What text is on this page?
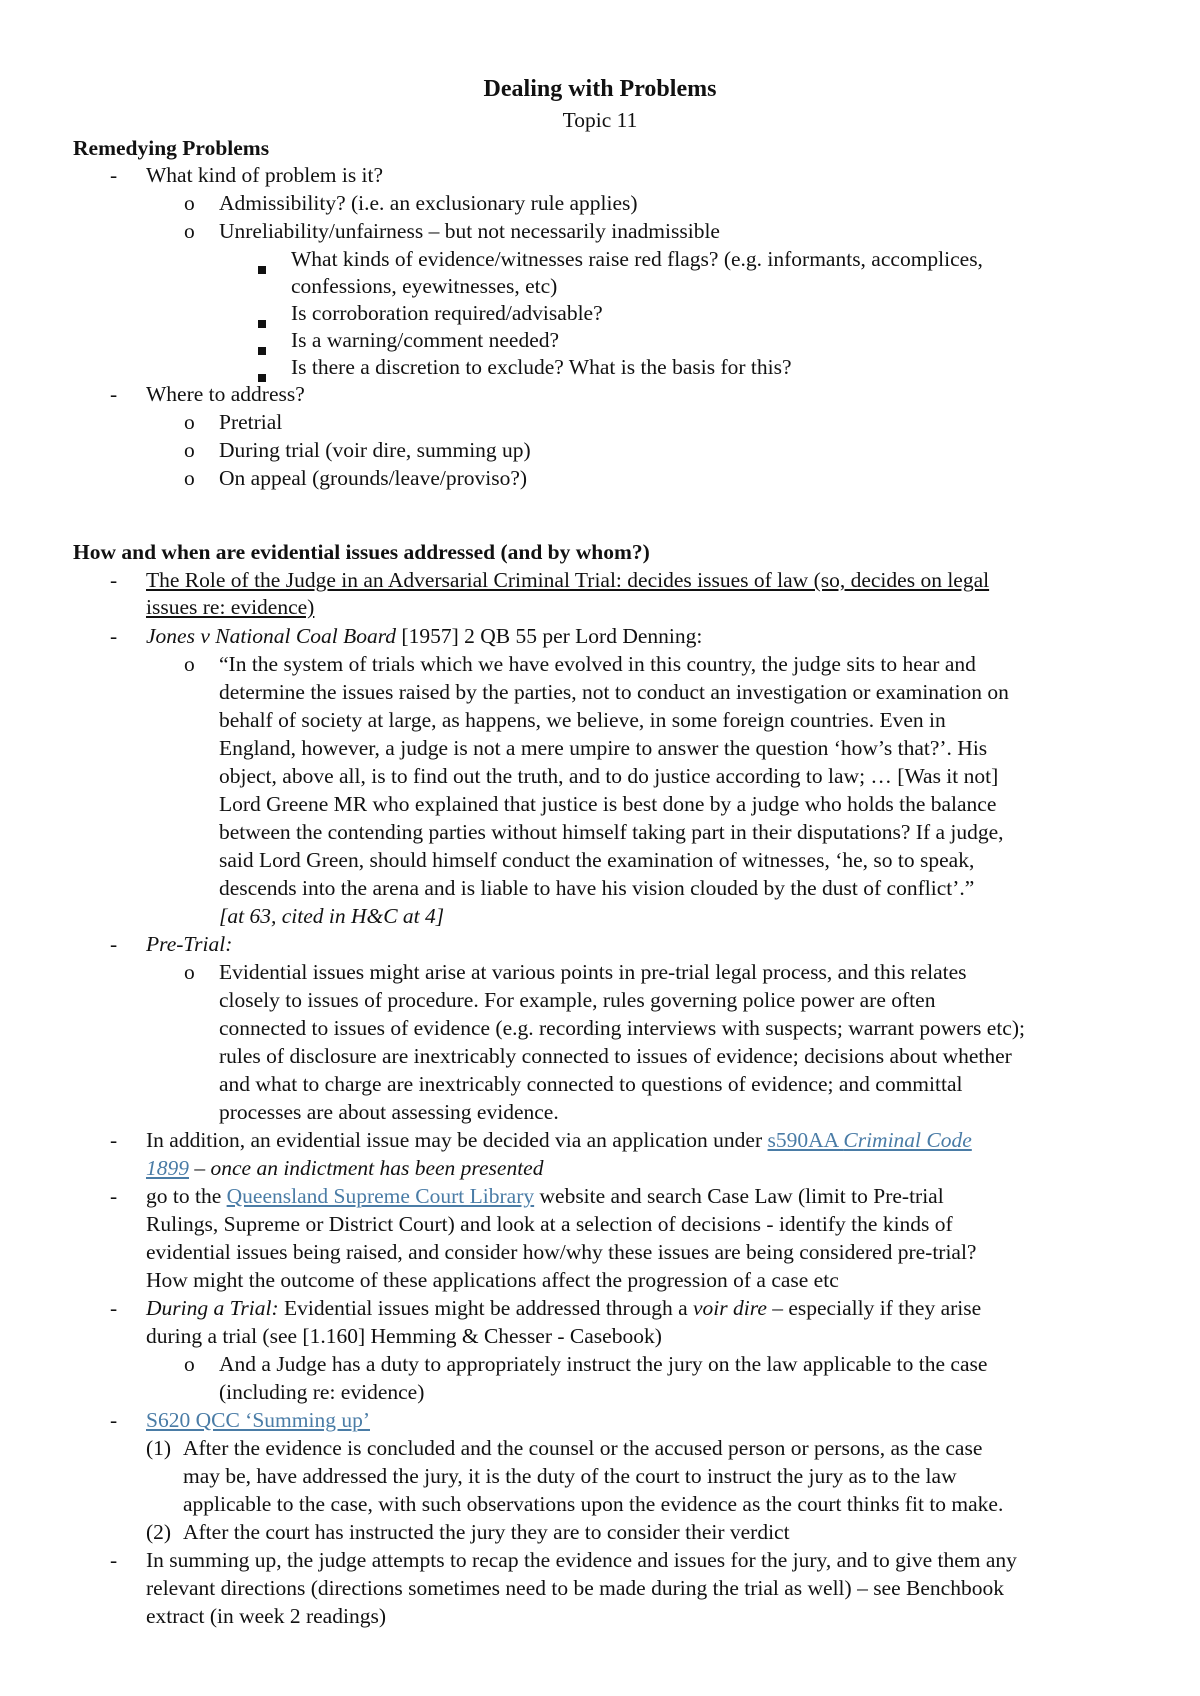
Dealing with Problems
Topic 11
Remedying Problems
- What kind of problem is it?
o Admissibility? (i.e. an exclusionary rule applies)
o Unreliability/unfairness – but not necessarily inadmissible
What kinds of evidence/witnesses raise red flags? (e.g. informants, accomplices,
confessions, eyewitnesses, etc)
Is corroboration required/advisable?
Is a warning/comment needed?
Is there a discretion to exclude? What is the basis for this?
- Where to address?
o Pretrial
o During trial (voir dire, summing up)
o On appeal (grounds/leave/proviso?)
How and when are evidential issues addressed (and by whom?)
- The Role of the Judge in an Adversarial Criminal Trial: decides issues of law (so, decides on legal
issues re: evidence)
- Jones v National Coal Board [1957] 2 QB 55 per Lord Denning:
o “In the system of trials which we have evolved in this country, the judge sits to hear and
determine the issues raised by the parties, not to conduct an investigation or examination on
behalf of society at large, as happens, we believe, in some foreign countries. Even in
England, however, a judge is not a mere umpire to answer the question ‘how’s that?’. His
object, above all, is to find out the truth, and to do justice according to law; … [Was it not]
Lord Greene MR who explained that justice is best done by a judge who holds the balance
between the contending parties without himself taking part in their disputations? If a judge,
said Lord Green, should himself conduct the examination of witnesses, ‘he, so to speak,
descends into the arena and is liable to have his vision clouded by the dust of conflict’.”
[at 63, cited in H&C at 4]
- Pre-Trial:
o Evidential issues might arise at various points in pre-trial legal process, and this relates
closely to issues of procedure. For example, rules governing police power are often
connected to issues of evidence (e.g. recording interviews with suspects; warrant powers etc);
rules of disclosure are inextricably connected to issues of evidence; decisions about whether
and what to charge are inextricably connected to questions of evidence; and committal
processes are about assessing evidence.
- In addition, an evidential issue may be decided via an application under s590AA Criminal Code
1899 – once an indictment has been presented
- go to the Queensland Supreme Court Library website and search Case Law (limit to Pre-trial
Rulings, Supreme or District Court) and look at a selection of decisions - identify the kinds of
evidential issues being raised, and consider how/why these issues are being considered pre-trial?
How might the outcome of these applications affect the progression of a case etc
- During a Trial: Evidential issues might be addressed through a voir dire – especially if they arise
during a trial (see [1.160] Hemming & Chesser - Casebook)
o And a Judge has a duty to appropriately instruct the jury on the law applicable to the case
(including re: evidence)
- S620 QCC ‘Summing up’
(1) After the evidence is concluded and the counsel or the accused person or persons, as the case
may be, have addressed the jury, it is the duty of the court to instruct the jury as to the law
applicable to the case, with such observations upon the evidence as the court thinks fit to make.
(2) After the court has instructed the jury they are to consider their verdict
- In summing up, the judge attempts to recap the evidence and issues for the jury, and to give them any
relevant directions (directions sometimes need to be made during the trial as well) – see Benchbook
extract (in week 2 readings)
